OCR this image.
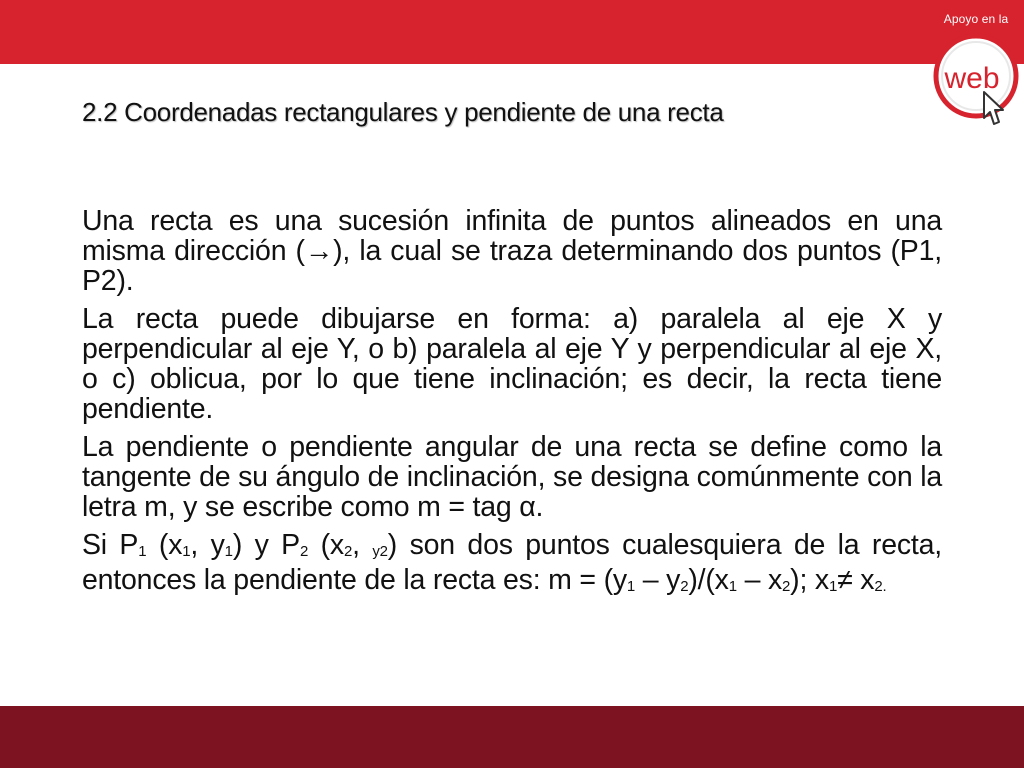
Apoyo en la
web
2.2 Coordenadas rectangulares y pendiente de una recta

Una recta es una sucesión infinita de puntos alineados en una misma dirección (→), la cual se traza determinando dos puntos (P1, P2).

La recta puede dibujarse en forma: a) paralela al eje X y perpendicular al eje Y, o b) paralela al eje Y y perpendicular al eje X, o c) oblicua, por lo que tiene inclinación; es decir, la recta tiene pendiente.

La pendiente o pendiente angular de una recta se define como la tangente de su ángulo de inclinación, se designa comúnmente con la letra m, y se escribe como m = tag α.

Si $P_1$ ($x_1$, $y_1$) y $P_2$ ($x_2$, $_{y2}$) son dos puntos cualesquiera de la recta, entonces la pendiente de la recta es: $m = (y_1 - y_2)/(x_1 - x_2)$; $x_1\ne x_{2.}$
